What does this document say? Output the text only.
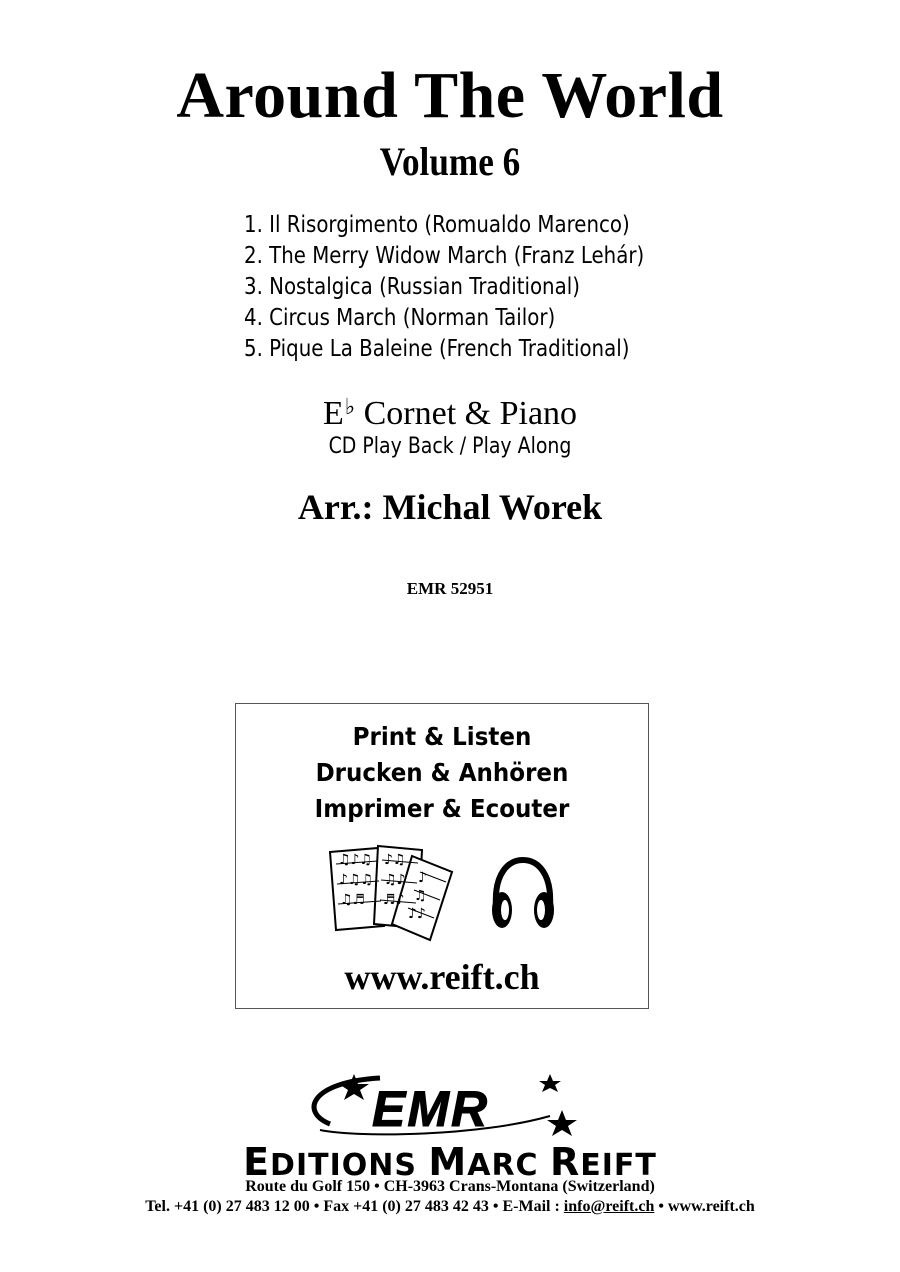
Around The World
Volume 6
1. Il Risorgimento (Romualdo Marenco)
2. The Merry Widow March (Franz Lehár)
3. Nostalgica (Russian Traditional)
4. Circus March (Norman Tailor)
5. Pique La Baleine (French Traditional)
E♭ Cornet & Piano
CD Play Back / Play Along
Arr.: Michal Worek
EMR 52951
Print & Listen
Drucken & Anhören
Imprimer & Ecouter
♫♪♫
♪♫♫
♫♬
♪♫
♫♪
♬♪
♪
♫
♪♪
www.reift.ch
EMR
EDITIONS MARC REIFT
Route du Golf 150 • CH-3963 Crans-Montana (Switzerland)
Tel. +41 (0) 27 483 12 00 • Fax +41 (0) 27 483 42 43 • E-Mail : info@reift.ch • www.reift.ch
